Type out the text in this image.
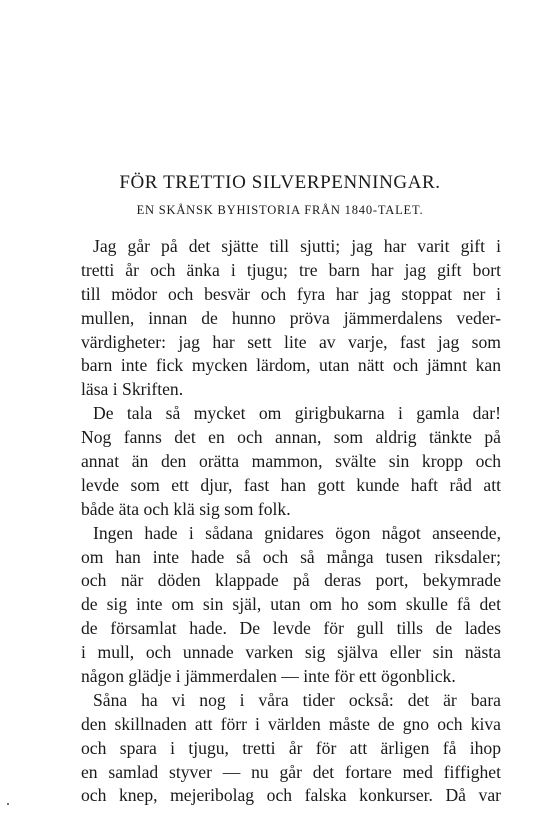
FÖR TRETTIO SILVERPENNINGAR.
EN SKÅNSK BYHISTORIA FRÅN 1840-TALET.
Jag går på det sjätte till sjutti; jag har varit gift i
tretti år och änka i tjugu; tre barn har jag gift bort
till mödor och besvär och fyra har jag stoppat ner i
mullen, innan de hunno pröva jämmerdalens veder-
värdigheter: jag har sett lite av varje, fast jag som
barn inte fick mycken lärdom, utan nätt och jämnt kan
läsa i Skriften.
De tala så mycket om girigbukarna i gamla dar!
Nog fanns det en och annan, som aldrig tänkte på
annat än den orätta mammon, svälte sin kropp och
levde som ett djur, fast han gott kunde haft råd att
både äta och klä sig som folk.
Ingen hade i sådana gnidares ögon något anseende,
om han inte hade så och så många tusen riksdaler;
och när döden klappade på deras port, bekymrade
de sig inte om sin själ, utan om ho som skulle få det
de församlat hade. De levde för gull tills de lades
i mull, och unnade varken sig själva eller sin nästa
någon glädje i jämmerdalen — inte för ett ögonblick.
Såna ha vi nog i våra tider också: det är bara
den skillnaden att förr i världen måste de gno och kiva
och spara i tjugu, tretti år för att ärligen få ihop
en samlad styver — nu går det fortare med fiffighet
och knep, mejeribolag och falska konkurser. Då var
